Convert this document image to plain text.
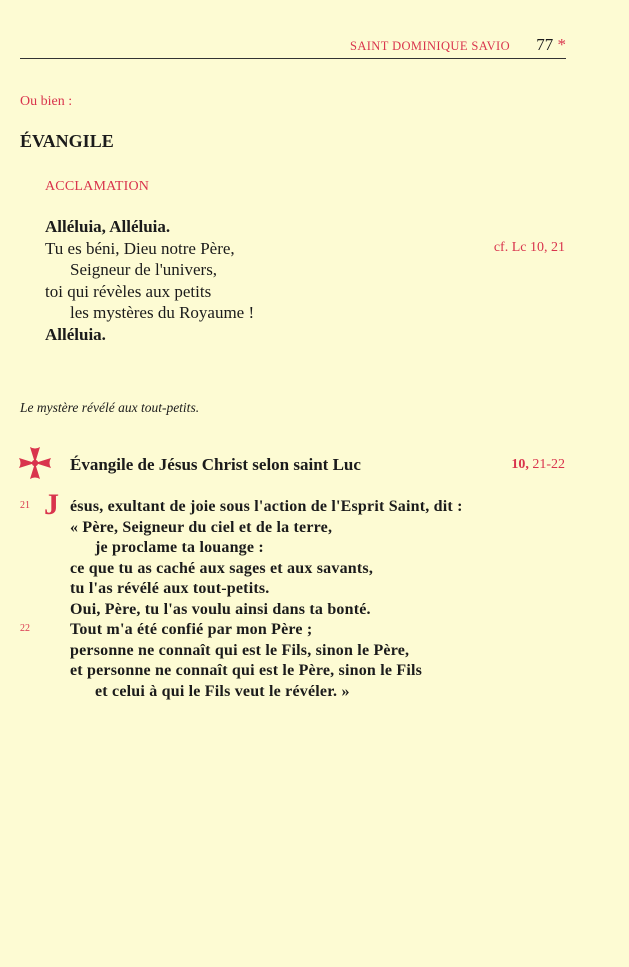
SAINT DOMINIQUE SAVIO 77 *
Ou bien :
ÉVANGILE
ACCLAMATION
Alléluia, Alléluia.
Tu es béni, Dieu notre Père,
Seigneur de l'univers,
toi qui révèles aux petits
les mystères du Royaume !
Alléluia.
cf. Lc 10, 21
Le mystère révélé aux tout-petits.
Évangile de Jésus Christ selon saint Luc	10, 21-22
21
22
J ésus, exultant de joie sous l'action de l'Esprit Saint, dit :
« Père, Seigneur du ciel et de la terre,
je proclame ta louange :
ce que tu as caché aux sages et aux savants,
tu l'as révélé aux tout-petits.
Oui, Père, tu l'as voulu ainsi dans ta bonté.
Tout m'a été confié par mon Père ;
personne ne connaît qui est le Fils, sinon le Père,
et personne ne connaît qui est le Père, sinon le Fils
et celui à qui le Fils veut le révéler. »
